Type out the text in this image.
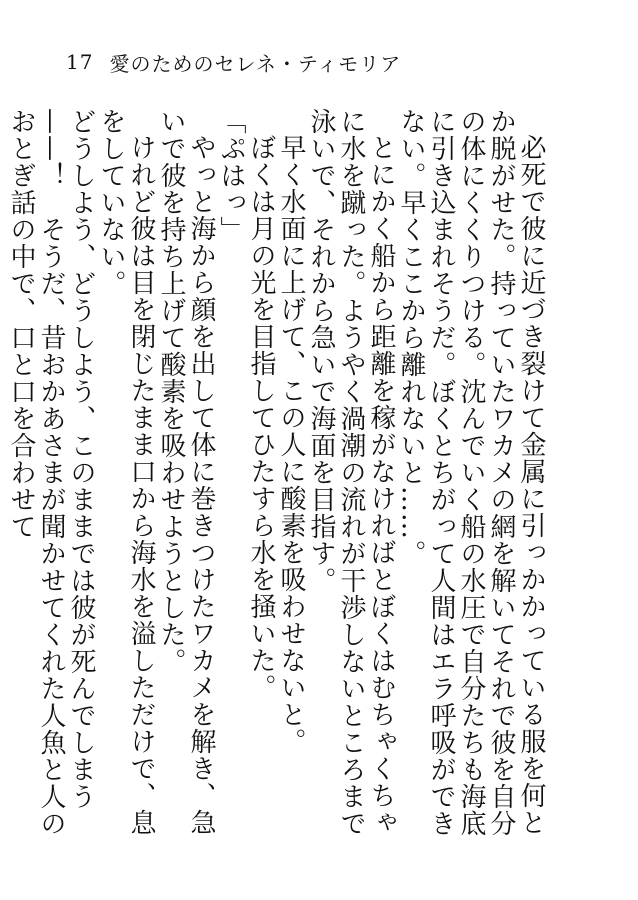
17 愛のためのセレネ・ティモリア

必死で彼に近づき裂けて金属に引っかかっている服を何とか脱がせた。持っていたワカメの網を解いてそれで彼を自分の体にくくりつける。沈んでいく船の水圧で自分たちも海底に引き込まれそうだ。ぼくとちがって人間はエラ呼吸ができない。早くここから離れないと……。

とにかく船から距離を稼がなければとぼくはむちゃくちゃに水を蹴った。ようやく渦潮の流れが干渉しないところまで泳いで、それから急いで海面を目指す。

早く水面に上げて、この人に酸素を吸わせないと。

ぼくは月の光を目指してひたすら水を掻いた。

「ぷはっ」

やっと海から顔を出して体に巻きつけたワカメを解き、急いで彼を持ち上げて酸素を吸わせようとした。

けれど彼は目を閉じたまま口から海水を溢しただけで、息をしていない。

どうしよう、どうしよう、このままでは彼が死んでしまう——！　そうだ、昔おかあさまが聞かせてくれた人魚と人のおとぎ話の中で、口と口を合わせて
